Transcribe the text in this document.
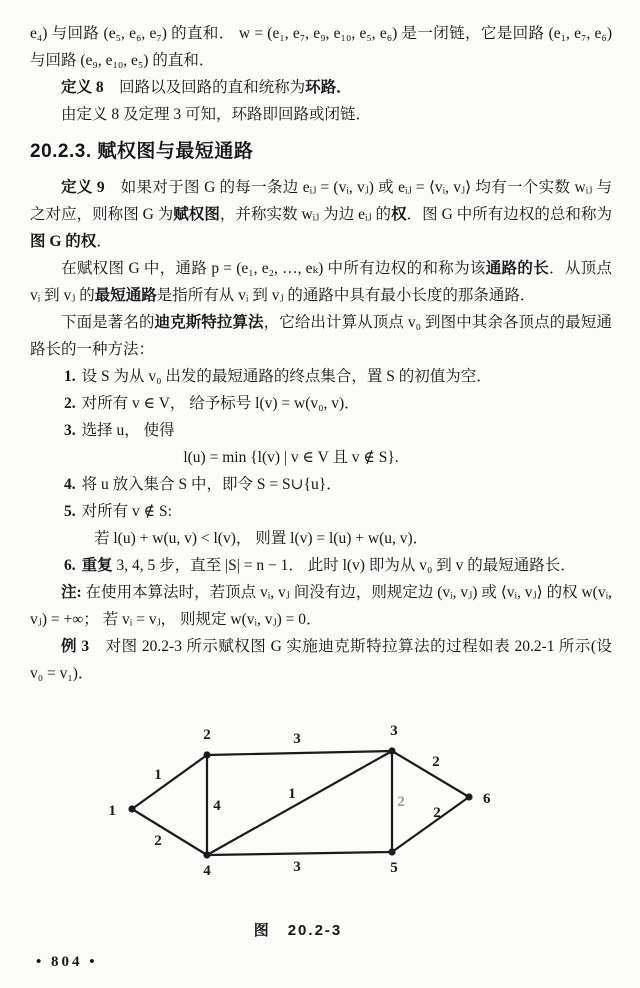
e₄) 与回路 (e₅, e₆, e₇) 的直和． w = (e₁, e₇, e₉, e₁₀, e₅, e₆) 是一闭链，它是回路 (e₁, e₇, e₆) 与回路 (e₉, e₁₀, e₅) 的直和．

定义 8　回路以及回路的直和统称为环路．

由定义 8 及定理 3 可知，环路即回路或闭链．

20.2.3. 赋权图与最短通路

定义 9　如果对于图 G 的每一条边 eᵢⱼ = (vᵢ, vⱼ) 或 eᵢⱼ = ⟨vᵢ, vⱼ⟩ 均有一个实数 wᵢⱼ 与之对应，则称图 G 为赋权图，并称实数 wᵢⱼ 为边 eᵢⱼ 的权．图 G 中所有边权的总和称为图 G 的权．

在赋权图 G 中，通路 p = (e₁, e₂, …, eₖ) 中所有边权的和称为该通路的长．从顶点 vᵢ 到 vⱼ 的最短通路是指所有从 vᵢ 到 vⱼ 的通路中具有最小长度的那条通路．

下面是著名的迪克斯特拉算法，它给出计算从顶点 v₀ 到图中其余各顶点的最短通路长的一种方法：

1. 设 S 为从 v₀ 出发的最短通路的终点集合，置 S 的初值为空．
2. 对所有 v ∈ V， 给予标号 l(v) = w(v₀, v)．
3. 选择 u， 使得
l(u) = min {l(v) | v ∈ V 且 v ∉ S}.
4. 将 u 放入集合 S 中，即令 S = S∪{u}．
5. 对所有 v ∉ S:
若 l(u) + w(u, v) < l(v)， 则置 l(v) = l(u) + w(u, v)．
6. 重复 3, 4, 5 步，直至 |S| = n − 1． 此时 l(v) 即为从 v₀ 到 v 的最短通路长．

注: 在使用本算法时，若顶点 vᵢ, vⱼ 间没有边，则规定边 (vᵢ, vⱼ) 或 ⟨vᵢ, vⱼ⟩ 的权 w(vᵢ, vⱼ) = +∞； 若 vᵢ = vⱼ， 则规定 w(vᵢ, vⱼ) = 0．

例 3　对图 20.2-3 所示赋权图 G 实施迪克斯特拉算法的过程如表 20.2-1 所示(设 v₀ = v₁)．

1
2
3
4
1	2
2
3
2
1
2	3
4	5
6
图　20.2-3
• 804 •
